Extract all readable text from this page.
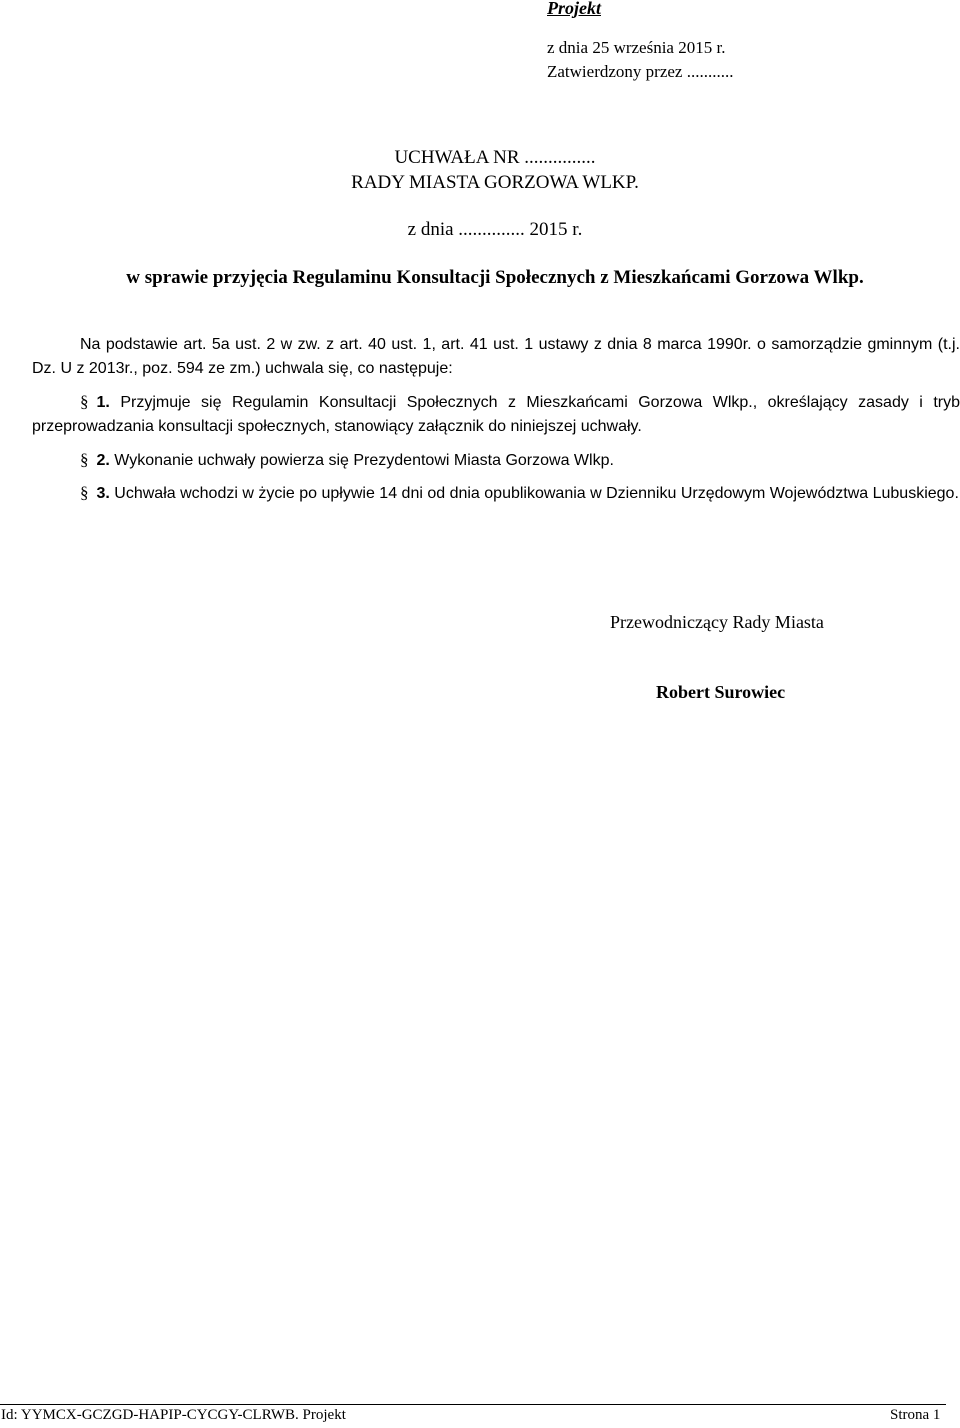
Projekt
z dnia 25 września 2015 r.
Zatwierdzony przez ...........
UCHWAŁA NR ...............
RADY MIASTA GORZOWA WLKP.
z dnia .............. 2015 r.
w sprawie przyjęcia Regulaminu Konsultacji Społecznych z Mieszkańcami Gorzowa Wlkp.
Na podstawie art. 5a ust. 2 w zw. z art. 40 ust. 1, art. 41 ust. 1 ustawy z dnia 8 marca 1990r. o samorządzie gminnym (t.j. Dz. U z 2013r., poz. 594 ze zm.) uchwala się, co następuje:
§ 1. Przyjmuje się Regulamin Konsultacji Społecznych z Mieszkańcami Gorzowa Wlkp., określający zasady i tryb przeprowadzania konsultacji społecznych, stanowiący załącznik do niniejszej uchwały.
§ 2. Wykonanie uchwały powierza się Prezydentowi Miasta Gorzowa Wlkp.
§ 3. Uchwała wchodzi w życie po upływie 14 dni od dnia opublikowania w Dzienniku Urzędowym Województwa Lubuskiego.
Przewodniczący Rady Miasta
Robert Surowiec
Id: YYMCX-GCZGD-HAPIP-CYCGY-CLRWB. Projekt	Strona 1
